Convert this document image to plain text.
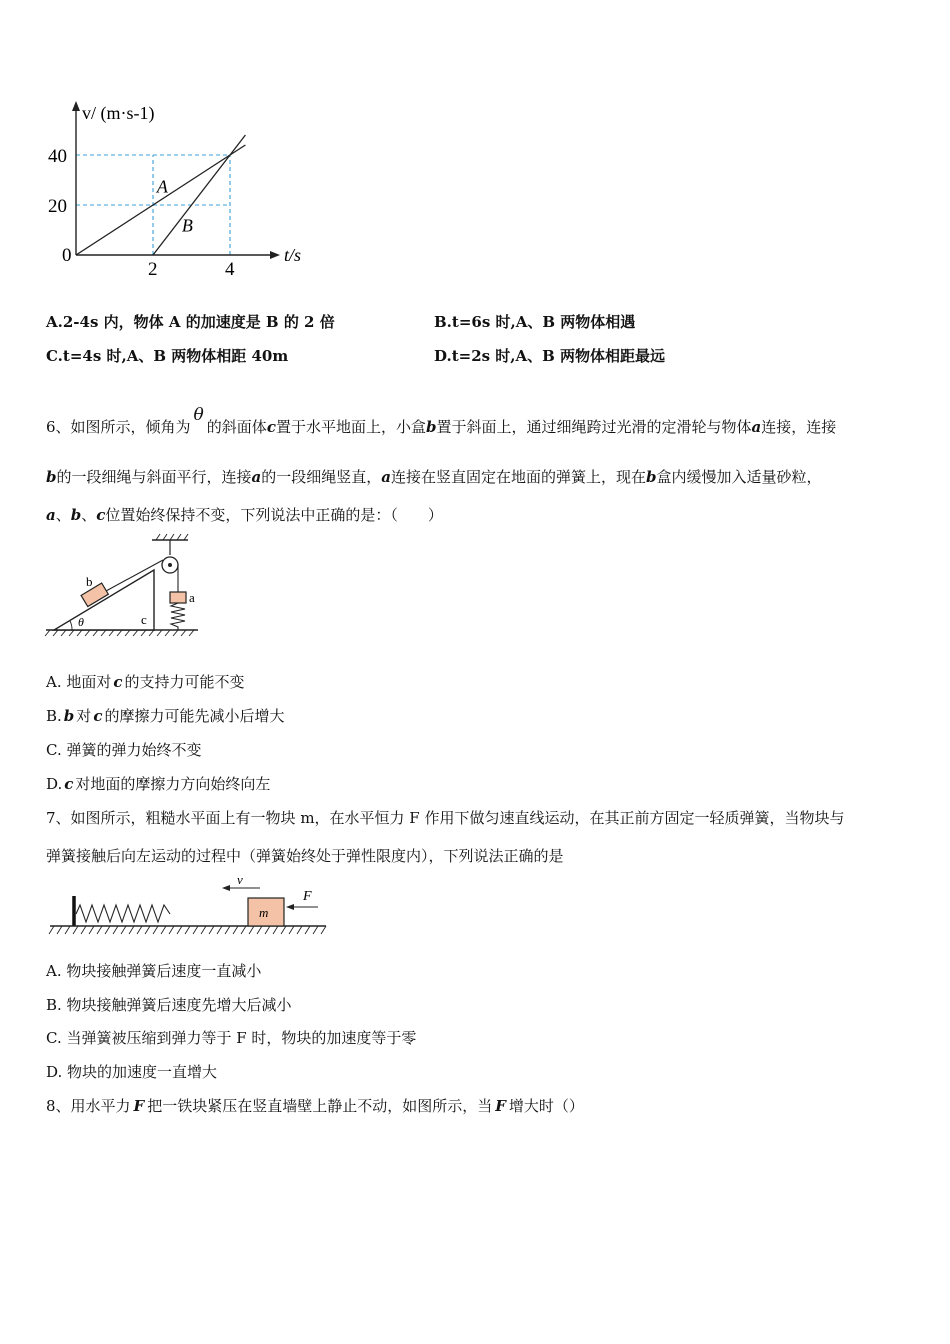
A
B
0
2	4
20
40
t/s
v/ (m·s-1)
A.2-4s 内，物体 A 的加速度是 B 的 2 倍	B.t=6s 时,A、B 两物体相遇
C.t=4s 时,A、B 两物体相距 40m	D.t=2s 时,A、B 两物体相距最远
6、如图所示，倾角为θ的斜面体c置于水平地面上，小盒b置于斜面上，通过细绳跨过光滑的定滑轮与物体a连接，连接
b的一段细绳与斜面平行，连接a的一段细绳竖直，a连接在竖直固定在地面的弹簧上，现在b盒内缓慢加入适量砂粒，
a、b、c位置始终保持不变，下列说法中正确的是：（　　）
θ	c
b
a
A. 地面对 c 的支持力可能不变
B. b 对 c 的摩擦力可能先减小后增大
C. 弹簧的弹力始终不变
D. c 对地面的摩擦力方向始终向左
7、如图所示，粗糙水平面上有一物块 m，在水平恒力 F 作用下做匀速直线运动，在其正前方固定一轻质弹簧，当物块与
弹簧接触后向左运动的过程中（弹簧始终处于弹性限度内），下列说法正确的是
m
v
F
A. 物块接触弹簧后速度一直减小
B. 物块接触弹簧后速度先增大后减小
C. 当弹簧被压缩到弹力等于 F 时，物块的加速度等于零
D. 物块的加速度一直增大
8、用水平力 F 把一铁块紧压在竖直墙壁上静止不动，如图所示，当 F 增大时（）
